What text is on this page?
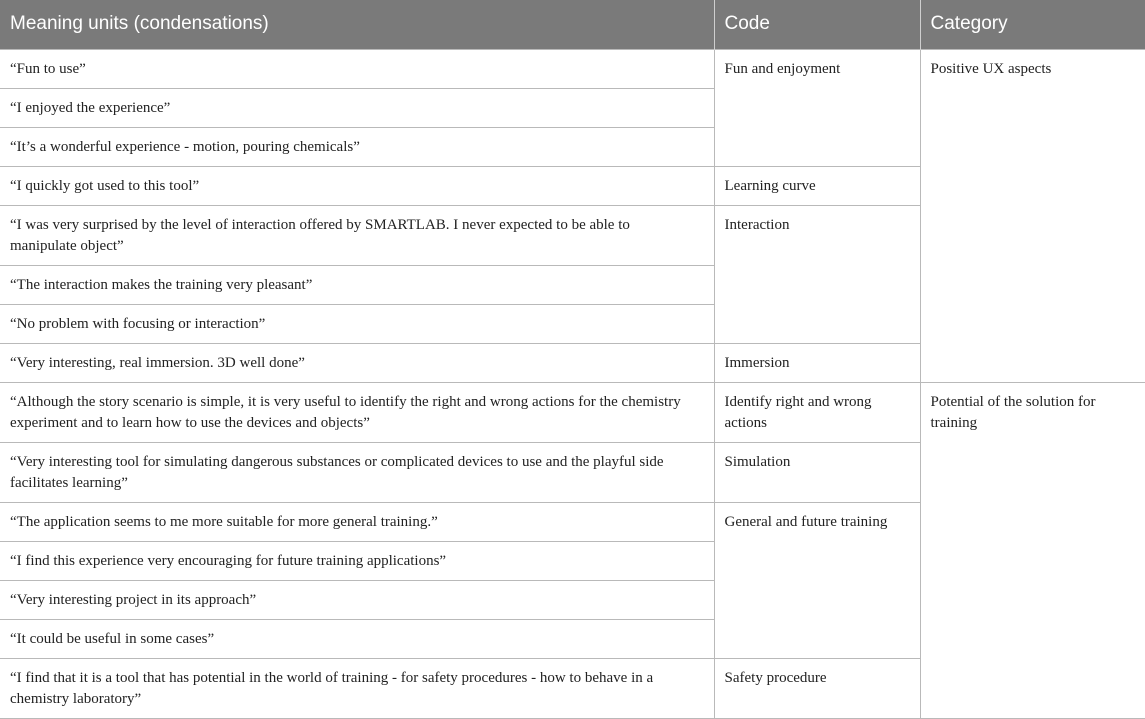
Meaning units (condensations)	Code	Category
“Fun to use”	Fun and enjoyment	Positive UX aspects
“I enjoyed the experience”		
“It’s a wonderful experience - motion, pouring chemicals”		
“I quickly got used to this tool”	Learning curve	
“I was very surprised by the level of interaction offered by SMARTLAB. I never expected to be able to manipulate object”	Interaction	
“The interaction makes the training very pleasant”		
“No problem with focusing or interaction”		
“Very interesting, real immersion. 3D well done”	Immersion	
“Although the story scenario is simple, it is very useful to identify the right and wrong actions for the chemistry experiment and to learn how to use the devices and objects”	Identify right and wrong actions	Potential of the solution for training
“Very interesting tool for simulating dangerous substances or complicated devices to use and the playful side facilitates learning”	Simulation	
“The application seems to me more suitable for more general training.”	General and future training	
“I find this experience very encouraging for future training applications”		
“Very interesting project in its approach”		
“It could be useful in some cases”		
“I find that it is a tool that has potential in the world of training - for safety procedures - how to behave in a chemistry laboratory”	Safety procedure	
